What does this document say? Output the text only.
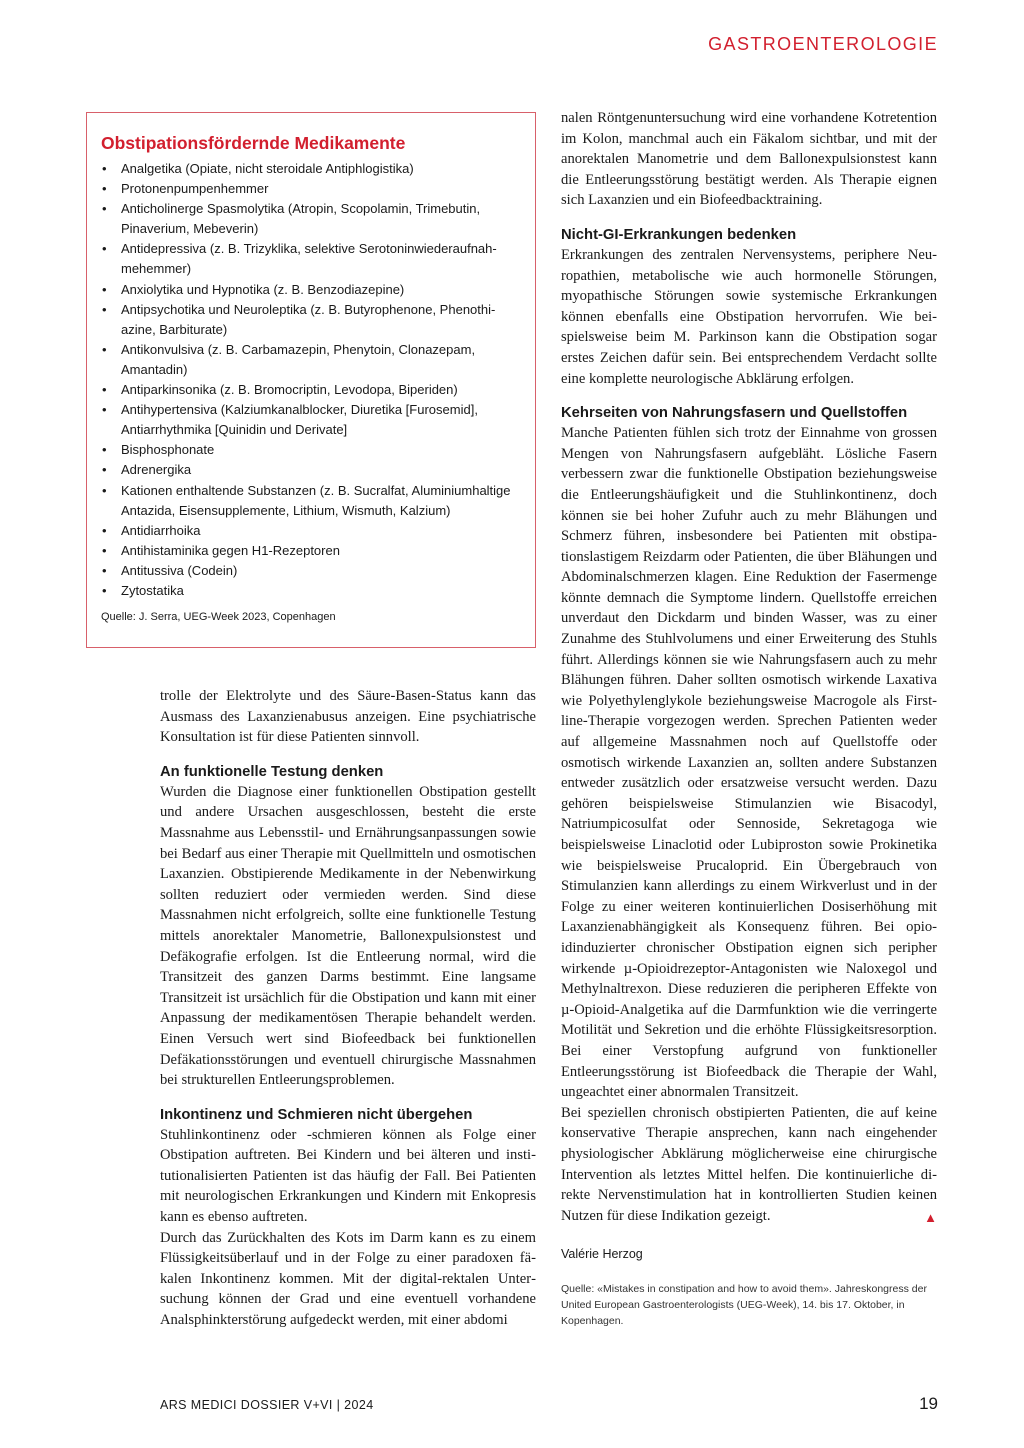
GASTROENTEROLOGIE
Obstipationsfördernde Medikamente
• Analgetika (Opiate, nicht steroidale Antiphlogistika)
• Protonenpumpenhemmer
• Anticholinerge Spasmolytika (Atropin, Scopolamin, Trimebutin, Pinaverium, Mebeverin)
• Antidepressiva (z. B. Trizyklika, selektive Serotoninwiederaufnahmehemmer)
• Anxiolytika und Hypnotika (z. B. Benzodiazepine)
• Antipsychotika und Neuroleptika (z. B. Butyrophenone, Phenothiazine, Barbiturate)
• Antikonvulsiva (z. B. Carbamazepin, Phenytoin, Clonazepam, Amantadin)
• Antiparkinsonika (z. B. Bromocriptin, Levodopa, Biperiden)
• Antihypertensiva (Kalziumkanalblocker, Diuretika [Furosemid], Antiarrhythmika [Quinidin und Derivate]
• Bisphosphonate
• Adrenergika
• Kationen enthaltende Substanzen (z. B. Sucralfat, Aluminiumhaltige Antazida, Eisensupplemente, Lithium, Wismuth, Kalzium)
• Antidiarrhoika
• Antihistaminika gegen H1-Rezeptoren
• Antitussiva (Codein)
• Zytostatika
Quelle: J. Serra, UEG-Week 2023, Copenhagen

trolle der Elektrolyte und des Säure-Basen-Status kann das Ausmass des Laxanzienabusus anzeigen. Eine psychiatrische Konsultation ist für diese Patienten sinnvoll.

An funktionelle Testung denken

Wurden die Diagnose einer funktionellen Obstipation gestellt und andere Ursachen ausgeschlossen, besteht die erste Massnahme aus Lebensstil- und Ernährungsanpassungen sowie bei Bedarf aus einer Therapie mit Quellmitteln und osmotischen Laxanzien. Obstipierende Medikamente in der Nebenwirkung sollten reduziert oder vermieden werden. Sind diese Massnahmen nicht erfolgreich, sollte eine funktionelle Testung mittels anorektaler Manometrie, Ballonexpulsionstest und Defäkografie erfolgen. Ist die Entleerung normal, wird die Transitzeit des ganzen Darms bestimmt. Eine langsame Transitzeit ist ursächlich für die Obstipation und kann mit einer Anpassung der medikamentösen Therapie behandelt werden. Einen Versuch wert sind Biofeedback bei funktionellen Defäkationsstörungen und eventuell chirurgische Massnahmen bei strukturellen Entleerungsproblemen.

Inkontinenz und Schmieren nicht übergehen

Stuhlinkontinenz oder -schmieren können als Folge einer Obstipation auftreten. Bei Kindern und bei älteren und institutionalisierten Patienten ist das häufig der Fall. Bei Patienten mit neurologischen Erkrankungen und Kindern mit Enkopresis kann es ebenso auftreten.

Durch das Zurückhalten des Kots im Darm kann es zu einem Flüssigkeitsüberlauf und in der Folge zu einer paradoxen fäkalen Inkontinenz kommen. Mit der digital-rektalen Untersuchung können der Grad und eine eventuell vorhandene Analsphinkterstörung aufgedeckt werden, mit einer abdomi

nalen Röntgenuntersuchung wird eine vorhandene Kotretention im Kolon, manchmal auch ein Fäkalom sichtbar, und mit der anorektalen Manometrie und dem Ballonexpulsionstest kann die Entleerungsstörung bestätigt werden. Als Therapie eignen sich Laxanzien und ein Biofeedbacktraining.

Nicht-GI-Erkrankungen bedenken

Erkrankungen des zentralen Nervensystems, periphere Neuropathien, metabolische wie auch hormonelle Störungen, myopathische Störungen sowie systemische Erkrankungen können ebenfalls eine Obstipation hervorrufen. Wie beispielsweise beim M. Parkinson kann die Obstipation sogar erstes Zeichen dafür sein. Bei entsprechendem Verdacht sollte eine komplette neurologische Abklärung erfolgen.

Kehrseiten von Nahrungsfasern und Quellstoffen

Manche Patienten fühlen sich trotz der Einnahme von grossen Mengen von Nahrungsfasern aufgebläht. Lösliche Fasern verbessern zwar die funktionelle Obstipation beziehungsweise die Entleerungshäufigkeit und die Stuhlinkontinenz, doch können sie bei hoher Zufuhr auch zu mehr Blähungen und Schmerz führen, insbesondere bei Patienten mit obstipationslastigem Reizdarm oder Patienten, die über Blähungen und Abdominalschmerzen klagen. Eine Reduktion der Fasermenge könnte demnach die Symptome lindern. Quellstoffe erreichen unverdaut den Dickdarm und binden Wasser, was zu einer Zunahme des Stuhlvolumens und einer Erweiterung des Stuhls führt. Allerdings können sie wie Nahrungsfasern auch zu mehr Blähungen führen. Daher sollten osmotisch wirkende Laxativa wie Polyethylenglykole beziehungsweise Macrogole als First-line-Therapie vorgezogen werden. Sprechen Patienten weder auf allgemeine Massnahmen noch auf Quellstoffe oder osmotisch wirkende Laxanzien an, sollten andere Substanzen entweder zusätzlich oder ersatzweise versucht werden. Dazu gehören beispielsweise Stimulanzien wie Bisacodyl, Natriumpicosulfat oder Sennoside, Sekretagoga wie beispielsweise Linaclotid oder Lubiproston sowie Prokinetika wie beispielsweise Prucaloprid. Ein Übergebrauch von Stimulanzien kann allerdings zu einem Wirkverlust und in der Folge zu einer weiteren kontinuierlichen Dosiserhöhung mit Laxanzienabhängigkeit als Konsequenz führen. Bei opioidinduzierter chronischer Obstipation eignen sich peripher wirkende µ-Opioidrezeptor-Antagonisten wie Naloxegol und Methylnaltrexon. Diese reduzieren die peripheren Effekte von µ-Opioid-Analgetika auf die Darmfunktion wie die verringerte Motilität und Sekretion und die erhöhte Flüssigkeitsresorption. Bei einer Verstopfung aufgrund von funktioneller Entleerungsstörung ist Biofeedback die Therapie der Wahl, ungeachtet einer abnormalen Transitzeit.

Bei speziellen chronisch obstipierten Patienten, die auf keine konservative Therapie ansprechen, kann nach eingehender physiologischer Abklärung möglicherweise eine chirurgische Intervention als letztes Mittel helfen. Die kontinuierliche direkte Nervenstimulation hat in kontrollierten Studien keinen Nutzen für diese Indikation gezeigt.	▲

Valérie Herzog
Quelle: «Mistakes in constipation and how to avoid them». Jahreskongress der United European Gastroenterologists (UEG-Week), 14. bis 17. Oktober, in Kopenhagen.
ARS MEDICI DOSSIER V+VI | 2024	19
